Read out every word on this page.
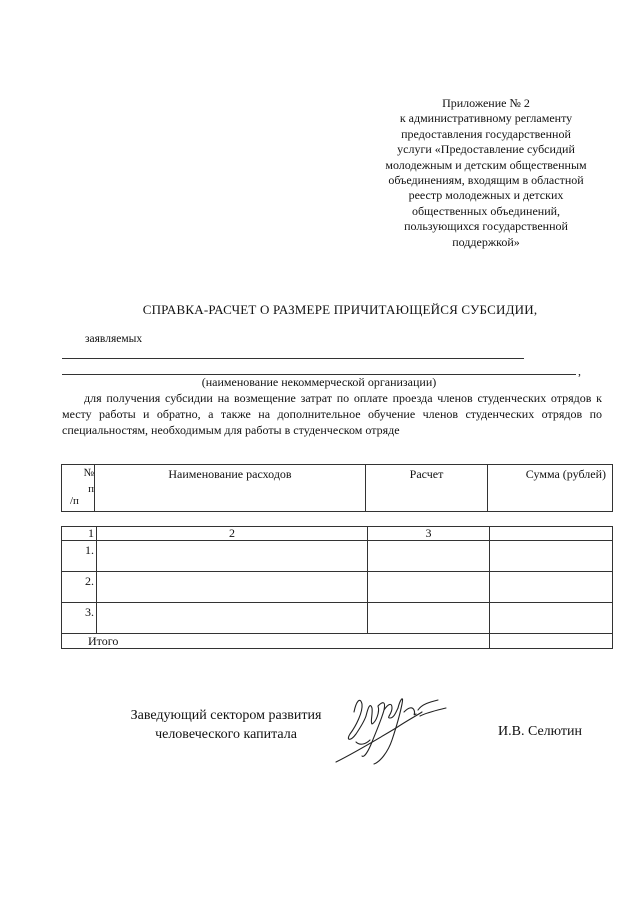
Приложение № 2
к административному регламенту
предоставления государственной
услуги «Предоставление субсидий
молодежным и детским общественным
объединениям, входящим в областной
реестр молодежных и детских
общественных объединений,
пользующихся государственной
поддержкой»
СПРАВКА-РАСЧЕТ О РАЗМЕРЕ ПРИЧИТАЮЩЕЙСЯ СУБСИДИИ,
заявляемых
,
(наименование некоммерческой организации)
для получения субсидии на возмещение затрат по оплате проезда членов студенческих отрядов к месту работы и обратно, а также на дополнительное обучение членов студенческих отрядов по специальностям, необходимым для работы в студенческом отряде
№
п
/п
	Наименование расходов	Расчет	Сумма (рублей)
1	2	3	
1.			
2.			
3.			
Итого			
Заведующий сектором развития
человеческого капитала	И.В. Селютин
